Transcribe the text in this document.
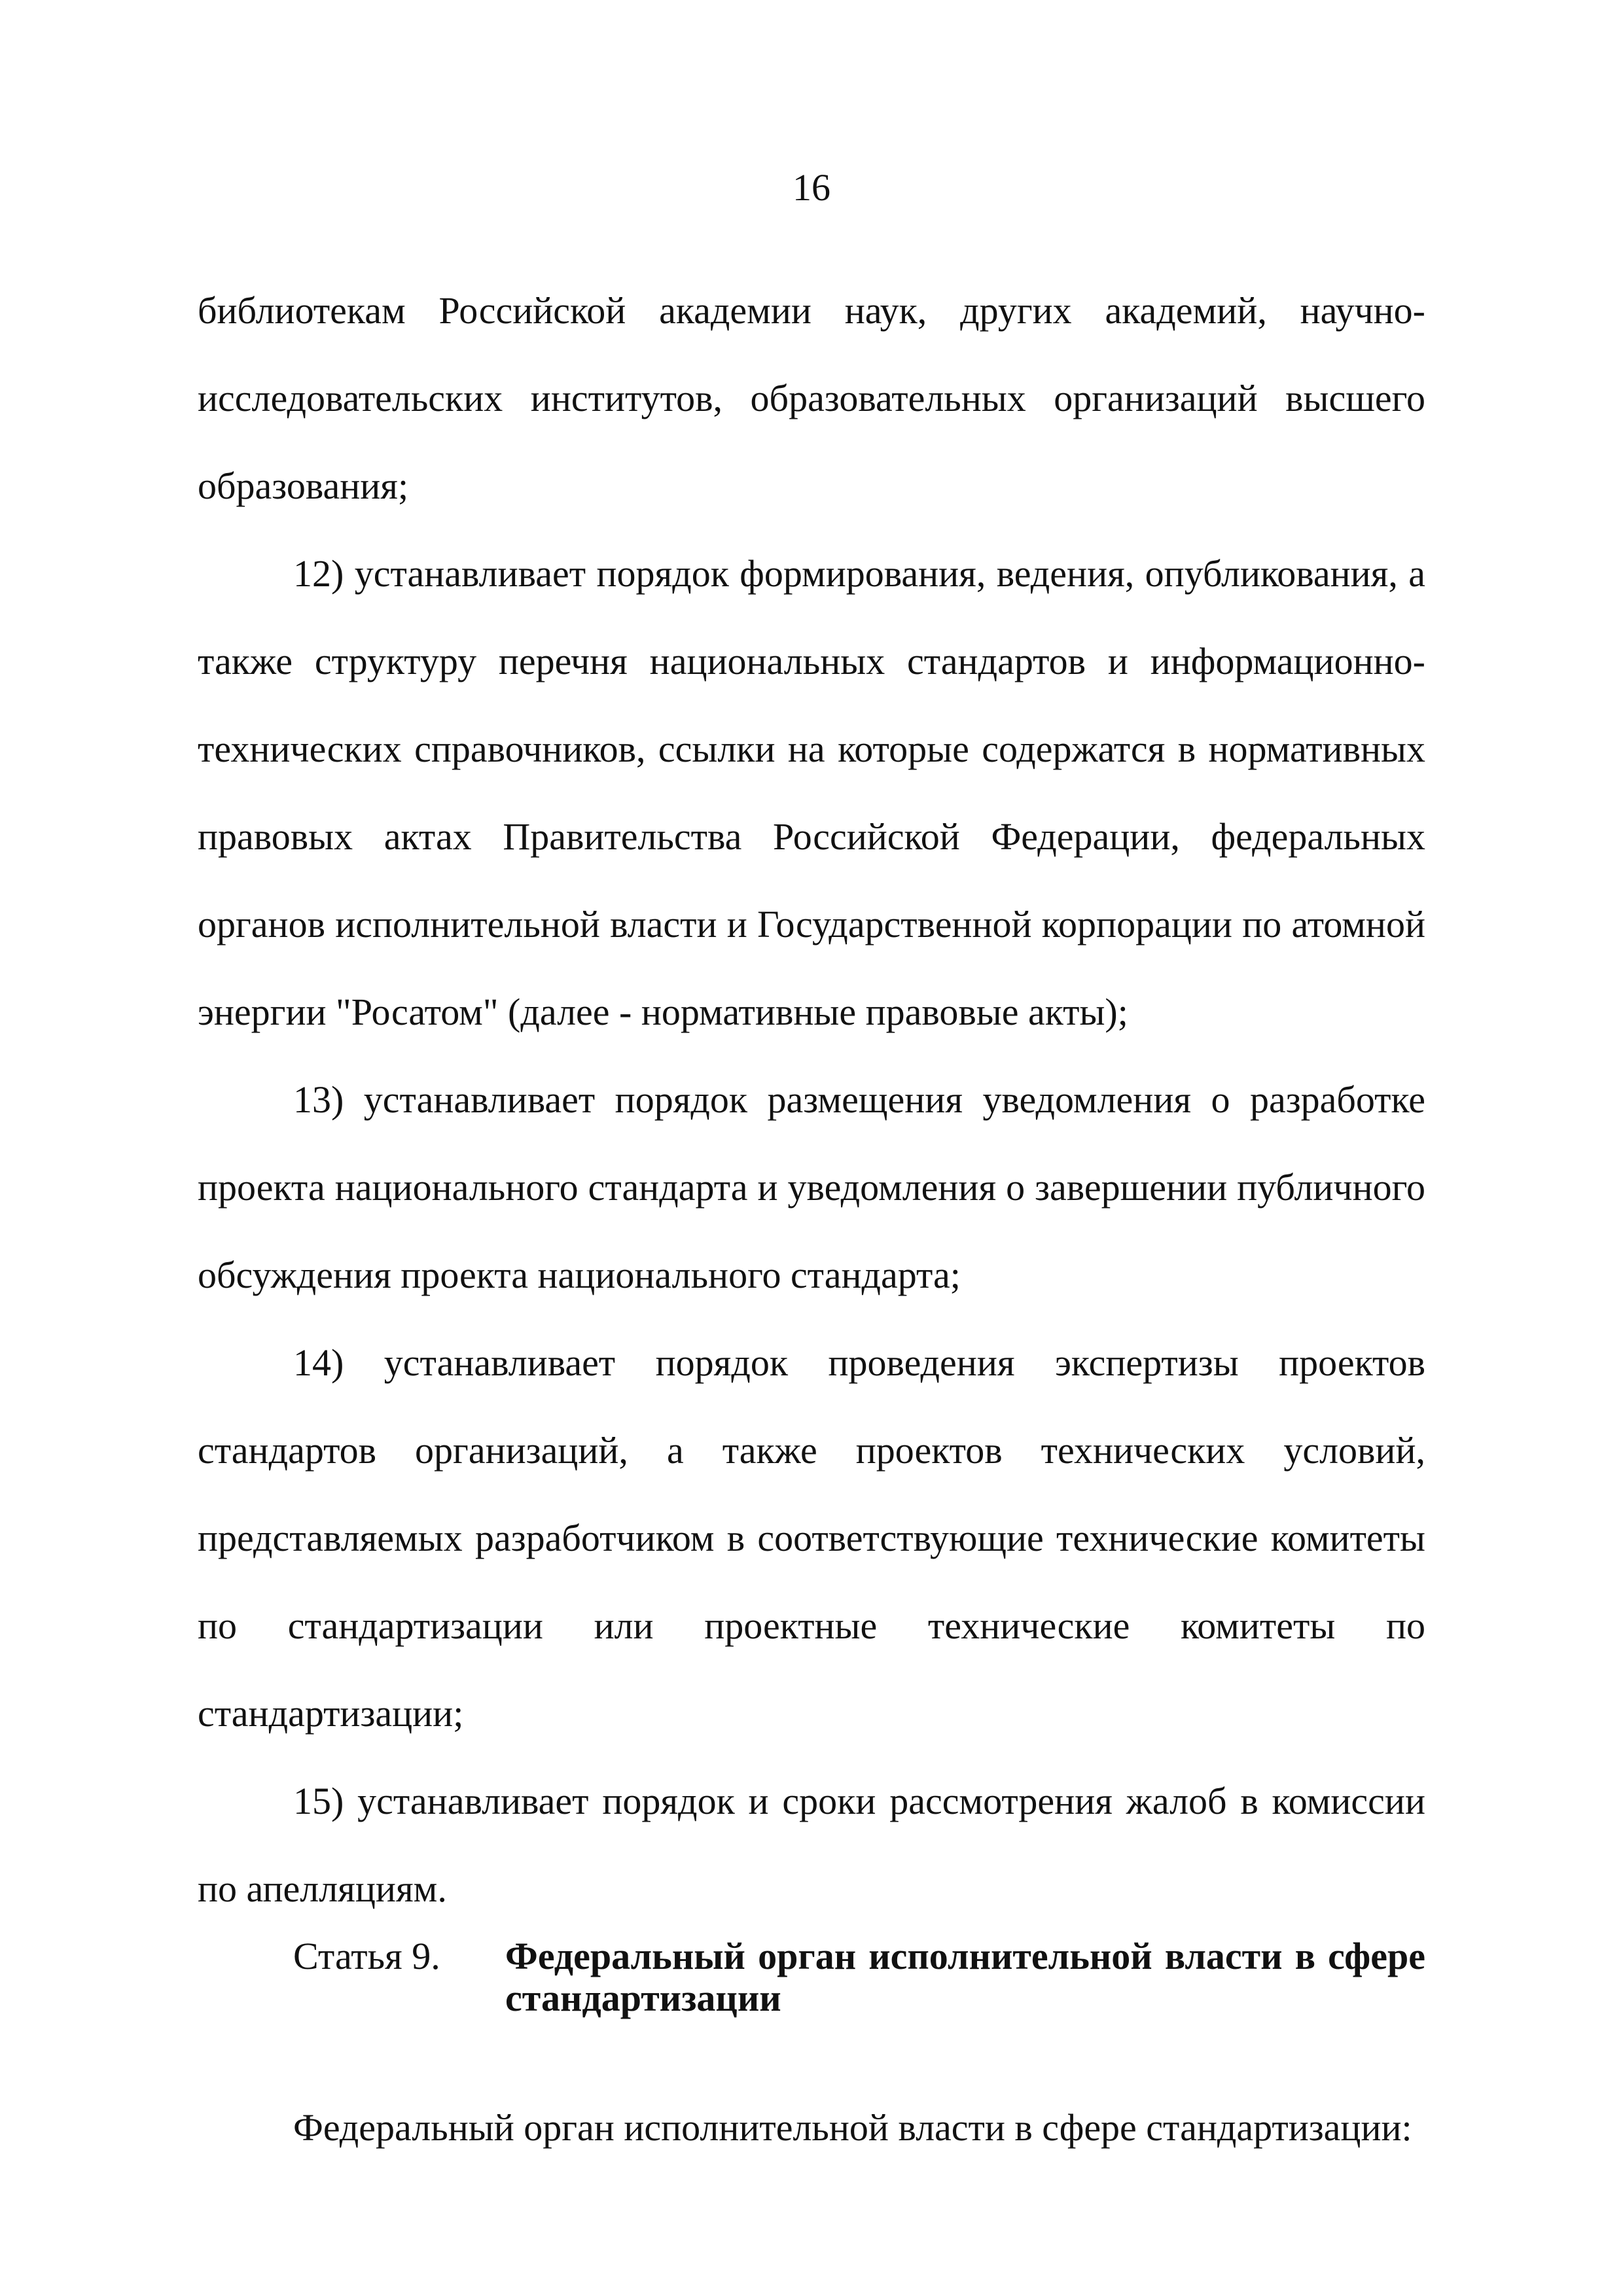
16

библиотекам Российской академии наук, других академий, научно-исследовательских институтов, образовательных организаций высшего образования;

12) устанавливает порядок формирования, ведения, опубликования, а также структуру перечня национальных стандартов и информационно-технических справочников, ссылки на которые содержатся в нормативных правовых актах Правительства Российской Федерации, федеральных органов исполнительной власти и Государственной корпорации по атомной энергии "Росатом" (далее - нормативные правовые акты);

13) устанавливает порядок размещения уведомления о разработке проекта национального стандарта и уведомления о завершении публичного обсуждения проекта национального стандарта;

14) устанавливает порядок проведения экспертизы проектов стандартов организаций, а также проектов технических условий, представляемых разработчиком в соответствующие технические комитеты по стандартизации или проектные технические комитеты по стандартизации;

15) устанавливает порядок и сроки рассмотрения жалоб в комиссии по апелляциям.

Статья 9.	Федеральный орган исполнительной власти в сфере стандартизации

Федеральный орган исполнительной власти в сфере стандартизации:
